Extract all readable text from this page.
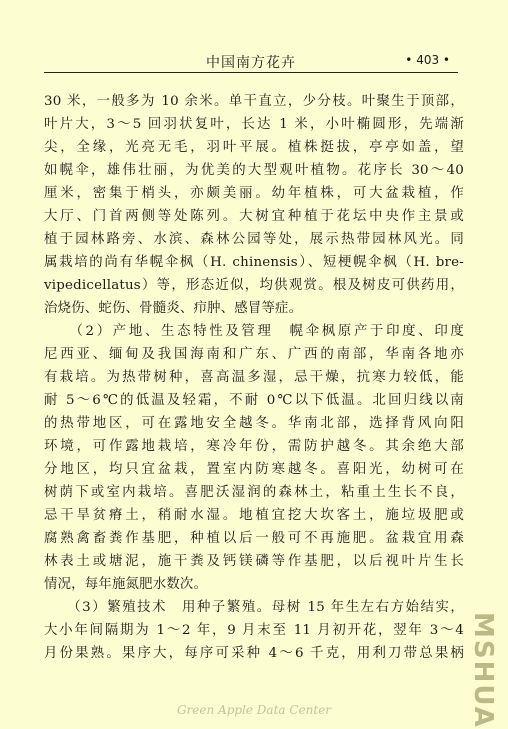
中国南方花卉	• 403 •
30 米，一般多为 10 余米。单干直立，少分枝。叶聚生于顶部，
叶片大，3～5 回羽状复叶，长达 1 米，小叶椭圆形，先端渐
尖，全缘，光亮无毛，羽叶平展。植株挺拔，亭亭如盖，望
如幌伞，雄伟壮丽，为优美的大型观叶植物。花序长 30～40
厘米，密集于梢头，亦颇美丽。幼年植株，可大盆栽植，作
大厅、门首两侧等处陈列。大树宜种植于花坛中央作主景或
植于园林路旁、水滨、森林公园等处，展示热带园林风光。同
属栽培的尚有华幌伞枫（H. chinensis）、短梗幌伞枫（H. bre-
vipedicellatus）等，形态近似，均供观赏。根及树皮可供药用，
治烧伤、蛇伤、骨髓炎、疖肿、感冒等症。
　　（2）产地、生态特性及管理　幌伞枫原产于印度、印度
尼西亚、缅甸及我国海南和广东、广西的南部，华南各地亦
有栽培。为热带树种，喜高温多湿，忌干燥，抗寒力较低，能
耐 5～6℃的低温及轻霜，不耐 0℃以下低温。北回归线以南
的热带地区，可在露地安全越冬。华南北部，选择背风向阳
环境，可作露地栽培，寒冷年份，需防护越冬。其余绝大部
分地区，均只宜盆栽，置室内防寒越冬。喜阳光，幼树可在
树荫下或室内栽培。喜肥沃湿润的森林土，粘重土生长不良，
忌干旱贫瘠土，稍耐水湿。地植宜挖大坎客土，施垃圾肥或
腐熟禽畜粪作基肥，种植以后一般可不再施肥。盆栽宜用森
林表土或塘泥，施干粪及钙镁磷等作基肥，以后视叶片生长
情况，每年施氮肥水数次。
　　（3）繁殖技术　用种子繁殖。母树 15 年生左右方始结实，
大小年间隔期为 1～2 年，9 月末至 11 月初开花，翌年 3～4
月份果熟。果序大，每序可采种 4～6 千克，用利刀带总果柄 MSHUA
Green Apple Data Center
